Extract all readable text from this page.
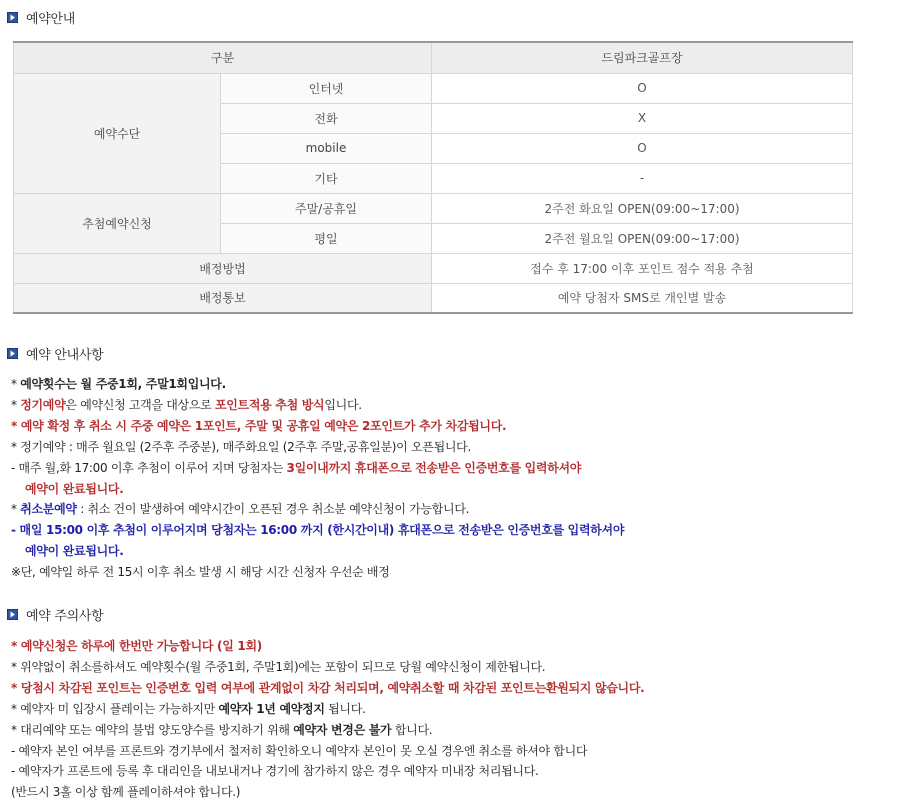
예약안내
구분		드림파크골프장
예약수단	인터넷	O
	전화	X
	mobile	O
	기타	-
추첨예약신청	주말/공휴일	2주전 화요일 OPEN(09:00~17:00)
	평일	2주전 월요일 OPEN(09:00~17:00)
배정방법		접수 후 17:00 이후 포인트 점수 적용 추첨
배정통보		예약 당첨자 SMS로 개인별 발송
예약 안내사항
* 예약횟수는 월 주중1회, 주말1회입니다.
* 정기예약은 예약신청 고객을 대상으로 포인트적용 추첨 방식입니다.
* 예약 확정 후 취소 시 주중 예약은 1포인트, 주말 및 공휴일 예약은 2포인트가 추가 차감됩니다.
* 정기예약 : 매주 월요일 (2주후 주중분), 매주화요일 (2주후 주말,공휴일분)이 오픈됩니다.
- 매주 월,화 17:00 이후 추첨이 이루어 지며 당첨자는 3일이내까지 휴대폰으로 전송받은 인증번호를 입력하셔야
예약이 완료됩니다.
* 취소분예약 : 취소 건이 발생하여 예약시간이 오픈된 경우 취소분 예약신청이 가능합니다.
- 매일 15:00 이후 추첨이 이루어지며 당첨자는 16:00 까지 (한시간이내) 휴대폰으로 전송받은 인증번호를 입력하셔야
예약이 완료됩니다.
※단, 예약일 하루 전 15시 이후 취소 발생 시 해당 시간 신청자 우선순 배정
예약 주의사항
* 예약신청은 하루에 한번만 가능합니다 (일 1회)
* 위약없이 취소를하셔도 예약횟수(월 주중1회, 주말1회)에는 포함이 되므로 당월 예약신청이 제한됩니다.
* 당첨시 차감된 포인트는 인증번호 입력 여부에 관계없이 차감 처리되며, 예약취소할 때 차감된 포인트는환원되지 않습니다.
* 예약자 미 입장시 플레이는 가능하지만 예약자 1년 예약정지 됩니다.
* 대리예약 또는 예약의 불법 양도양수를 방지하기 위해 예약자 변경은 불가 합니다.
- 예약자 본인 여부를 프론트와 경기부에서 철저히 확인하오니 예약자 본인이 못 오실 경우엔 취소를 하셔야 합니다
- 예약자가 프론트에 등록 후 대리인을 내보내거나 경기에 참가하지 않은 경우 예약자 미내장 처리됩니다.
(반드시 3홀 이상 함께 플레이하셔야 합니다.)
